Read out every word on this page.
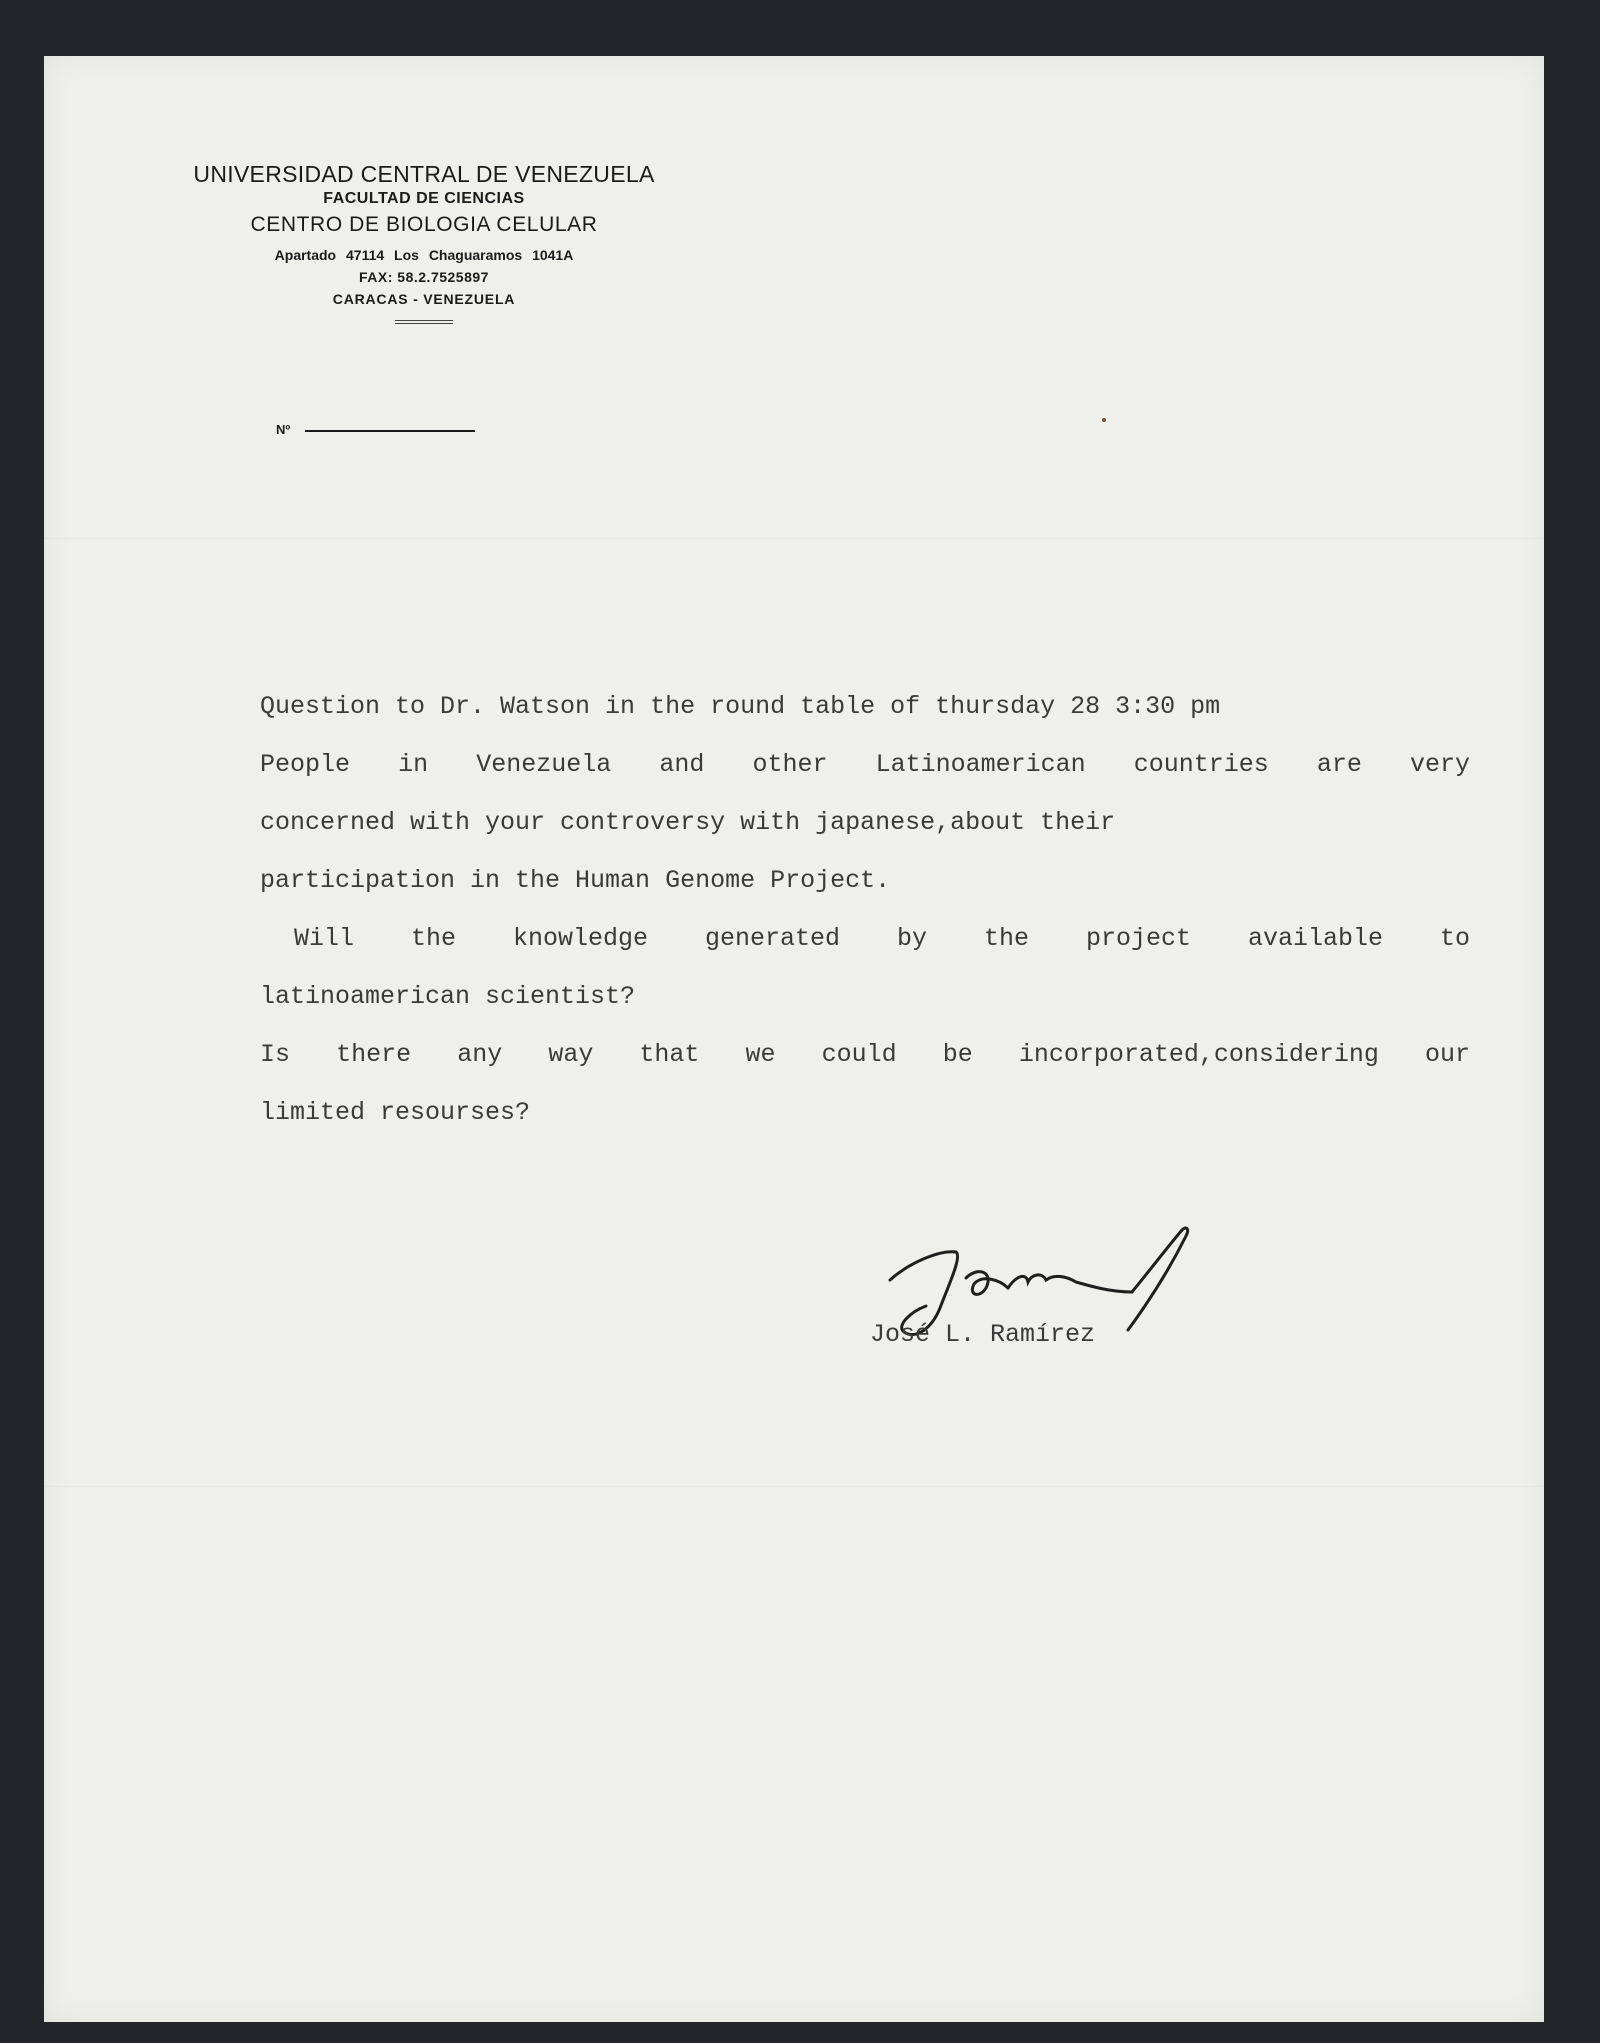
UNIVERSIDAD CENTRAL DE VENEZUELA
FACULTAD DE CIENCIAS
CENTRO DE BIOLOGIA CELULAR
Apartado 47114 Los Chaguaramos 1041A
FAX: 58.2.7525897
CARACAS - VENEZUELA
Nº
Question to Dr. Watson in the round table of thursday 28 3:30 pm
People in Venezuela and other Latinoamerican countries are very
concerned with your controversy with japanese,about their
participation in the Human Genome Project.
Will the knowledge generated by the project available to
latinoamerican scientist?
Is there any way that we could be incorporated,considering our
limited resourses?
José L. Ramírez
